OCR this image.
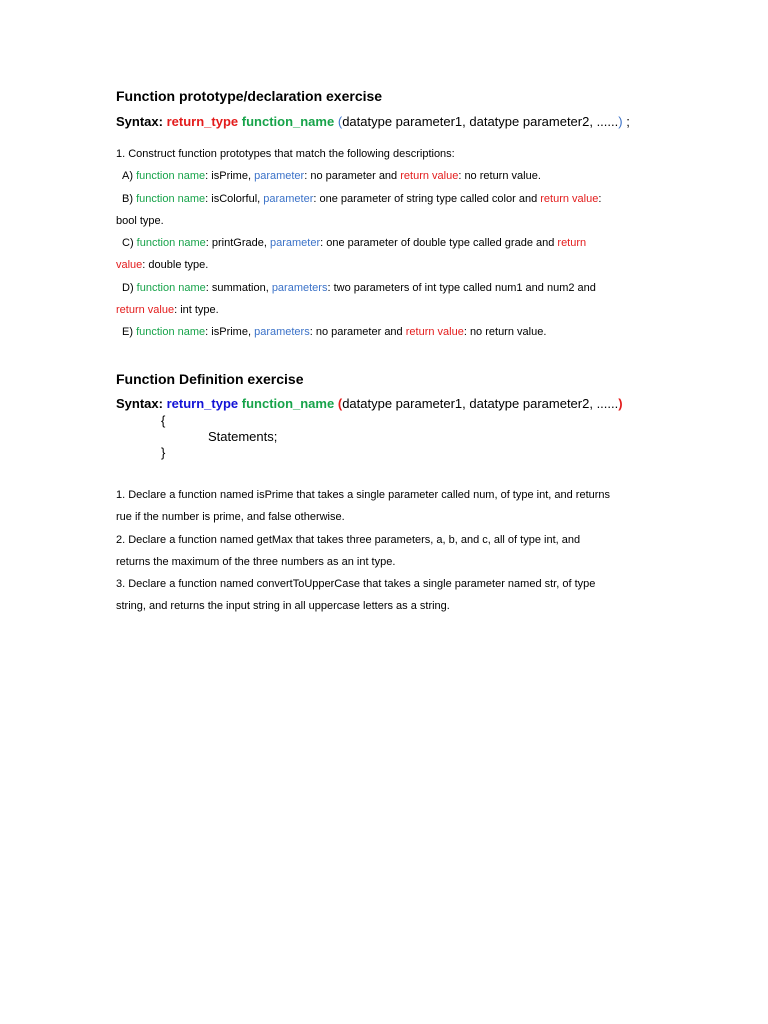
Function prototype/declaration exercise
Syntax: return_type function_name (datatype parameter1, datatype parameter2, ......) ;
1. Construct function prototypes that match the following descriptions:
A) function name: isPrime, parameter: no parameter and return value: no return value.
B) function name: isColorful, parameter: one parameter of string type called color and return value:
bool type.
C) function name: printGrade, parameter: one parameter of double type called grade and return
value: double type.
D) function name: summation, parameters: two parameters of int type called num1 and num2 and
return value: int type.
E) function name: isPrime, parameters: no parameter and return value: no return value.
Function Definition exercise
Syntax: return_type function_name (datatype parameter1, datatype parameter2, ......)
{
Statements;
}
1. Declare a function named isPrime that takes a single parameter called num, of type int, and returns
rue if the number is prime, and false otherwise.
2. Declare a function named getMax that takes three parameters, a, b, and c, all of type int, and
returns the maximum of the three numbers as an int type.
3. Declare a function named convertToUpperCase that takes a single parameter named str, of type
string, and returns the input string in all uppercase letters as a string.
